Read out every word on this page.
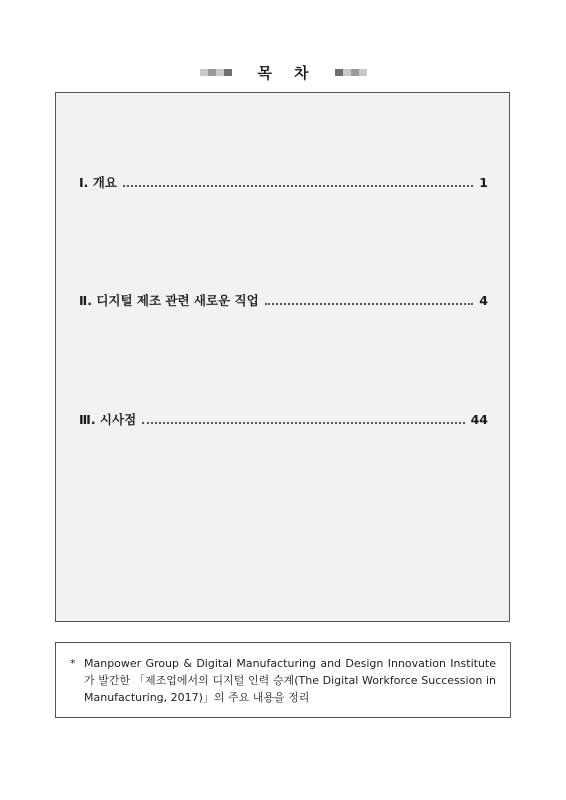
목 차
Ⅰ. 개요	1
Ⅱ. 디지털 제조 관련 새로운 직업	4
Ⅲ. 시사점	44
* Manpower Group & Digital Manufacturing and Design Innovation Institute가 발간한 「제조업에서의 디지털 인력 승계(The Digital Workforce Succession in Manufacturing, 2017)」의 주요 내용을 정리
